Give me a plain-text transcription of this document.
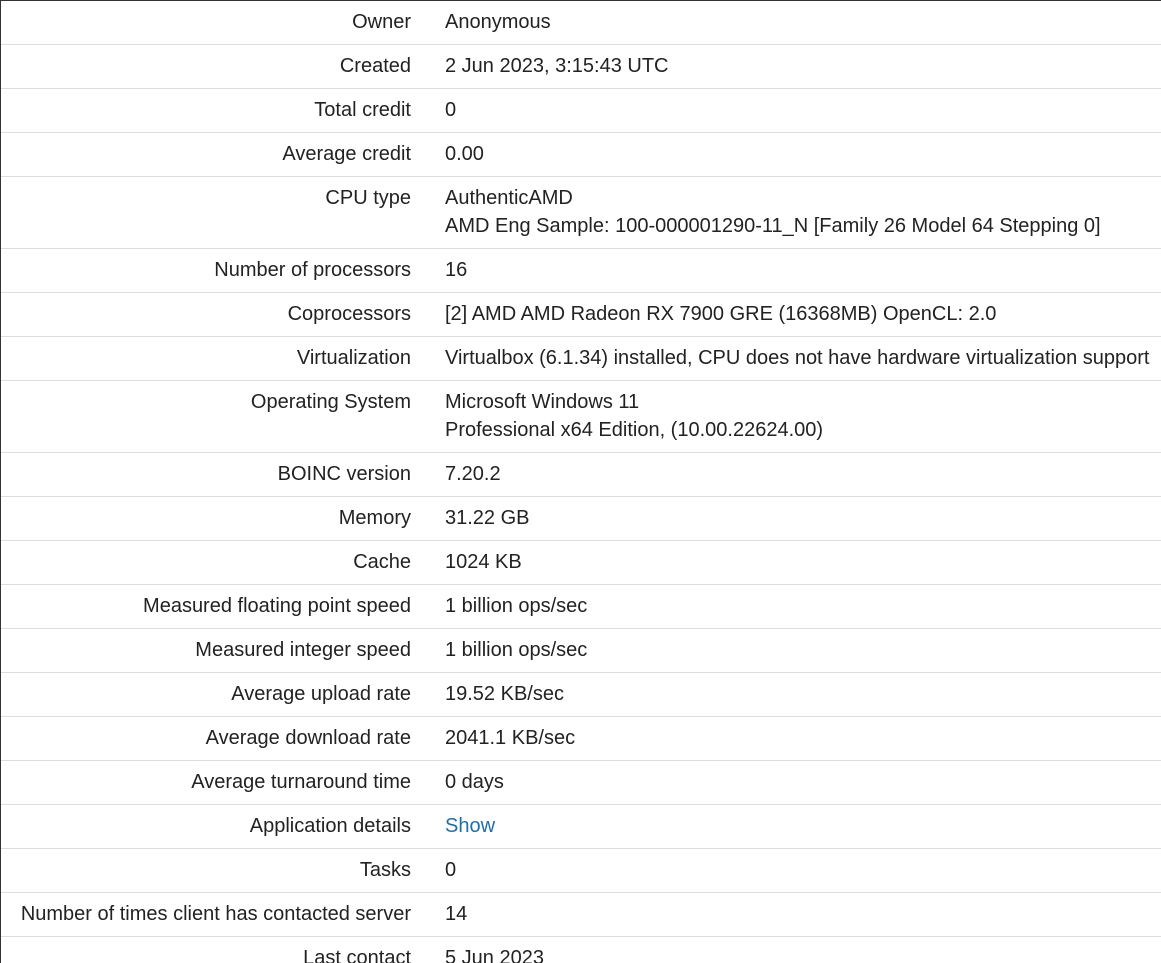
Owner	Anonymous

Created	2 Jun 2023, 3:15:43 UTC

Total credit	0

Average credit	0.00

CPU type	AuthenticAMD
AMD Eng Sample: 100-000001290-11_N [Family 26 Model 64 Stepping 0]

Number of processors	16

Coprocessors	[2] AMD AMD Radeon RX 7900 GRE (16368MB) OpenCL: 2.0

Virtualization	Virtualbox (6.1.34) installed, CPU does not have hardware virtualization support

Operating System	Microsoft Windows 11
Professional x64 Edition, (10.00.22624.00)

BOINC version	7.20.2

Memory	31.22 GB

Cache	1024 KB

Measured floating point speed	1 billion ops/sec

Measured integer speed	1 billion ops/sec

Average upload rate	19.52 KB/sec

Average download rate	2041.1 KB/sec

Average turnaround time	0 days

Application details	Show

Tasks	0

Number of times client has contacted server	14

Last contact	5 Jun 2023
